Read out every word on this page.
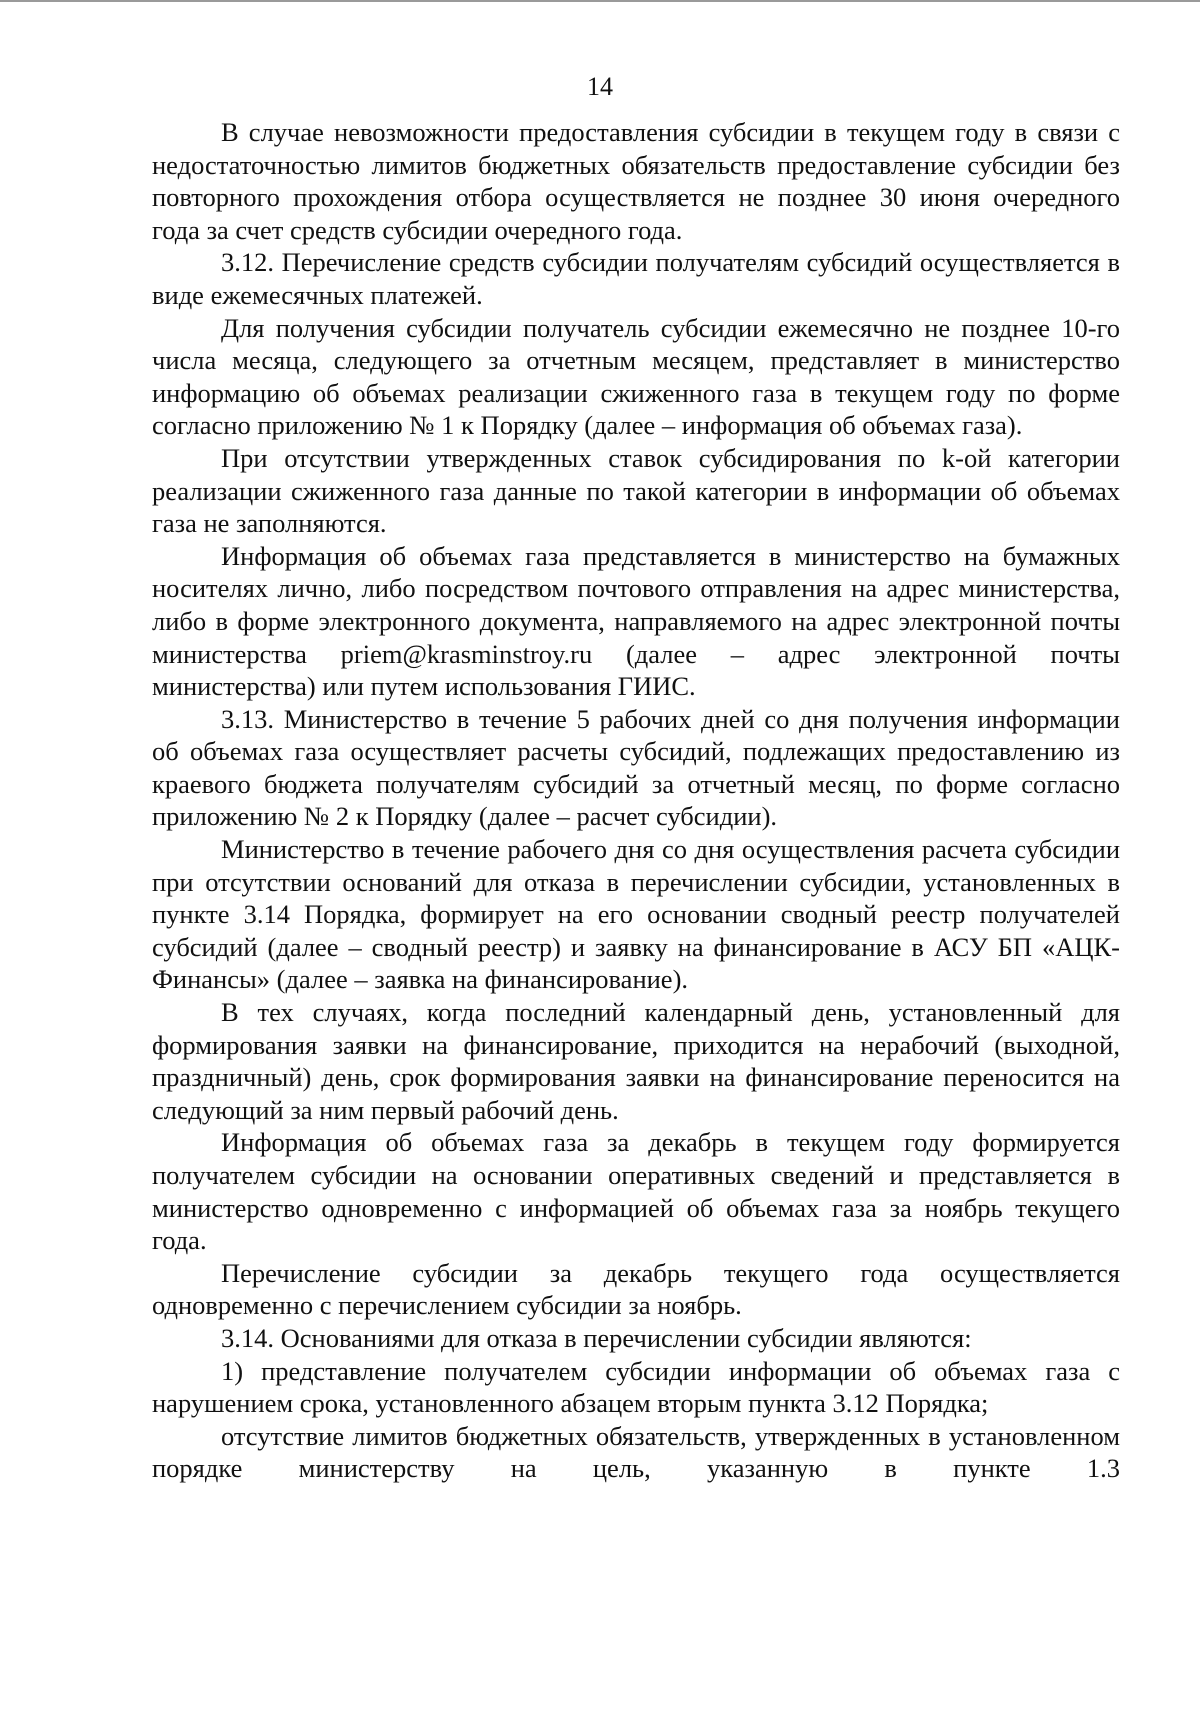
14

В случае невозможности предоставления субсидии в текущем году в связи с недостаточностью лимитов бюджетных обязательств предоставление субсидии без повторного прохождения отбора осуществляется не позднее 30 июня очередного года за счет средств субсидии очередного года.

3.12. Перечисление средств субсидии получателям субсидий осуществляется в виде ежемесячных платежей.

Для получения субсидии получатель субсидии ежемесячно не позднее 10-го числа месяца, следующего за отчетным месяцем, представляет в министерство информацию об объемах реализации сжиженного газа в текущем году по форме согласно приложению № 1 к Порядку (далее – информация об объемах газа).

При отсутствии утвержденных ставок субсидирования по k-ой категории реализации сжиженного газа данные по такой категории в информации об объемах газа не заполняются.

Информация об объемах газа представляется в министерство на бумажных носителях лично, либо посредством почтового отправления на адрес министерства, либо в форме электронного документа, направляемого на адрес электронной почты министерства priem@krasminstroy.ru (далее – адрес электронной почты министерства) или путем использования ГИИС.

3.13. Министерство в течение 5 рабочих дней со дня получения информации об объемах газа осуществляет расчеты субсидий, подлежащих предоставлению из краевого бюджета получателям субсидий за отчетный месяц, по форме согласно приложению № 2 к Порядку (далее – расчет субсидии).

Министерство в течение рабочего дня со дня осуществления расчета субсидии при отсутствии оснований для отказа в перечислении субсидии, установленных в пункте 3.14 Порядка, формирует на его основании сводный реестр получателей субсидий (далее – сводный реестр) и заявку на финансирование в АСУ БП «АЦК-Финансы» (далее – заявка на финансирование).

В тех случаях, когда последний календарный день, установленный для формирования заявки на финансирование, приходится на нерабочий (выходной, праздничный) день, срок формирования заявки на финансирование переносится на следующий за ним первый рабочий день.

Информация об объемах газа за декабрь в текущем году формируется получателем субсидии на основании оперативных сведений и представляется в министерство одновременно с информацией об объемах газа за ноябрь текущего года.

Перечисление субсидии за декабрь текущего года осуществляется одновременно с перечислением субсидии за ноябрь.

3.14. Основаниями для отказа в перечислении субсидии являются:

1) представление получателем субсидии информации об объемах газа с нарушением срока, установленного абзацем вторым пункта 3.12 Порядка;

отсутствие лимитов бюджетных обязательств, утвержденных в установленном порядке министерству на цель, указанную в пункте 1.3
